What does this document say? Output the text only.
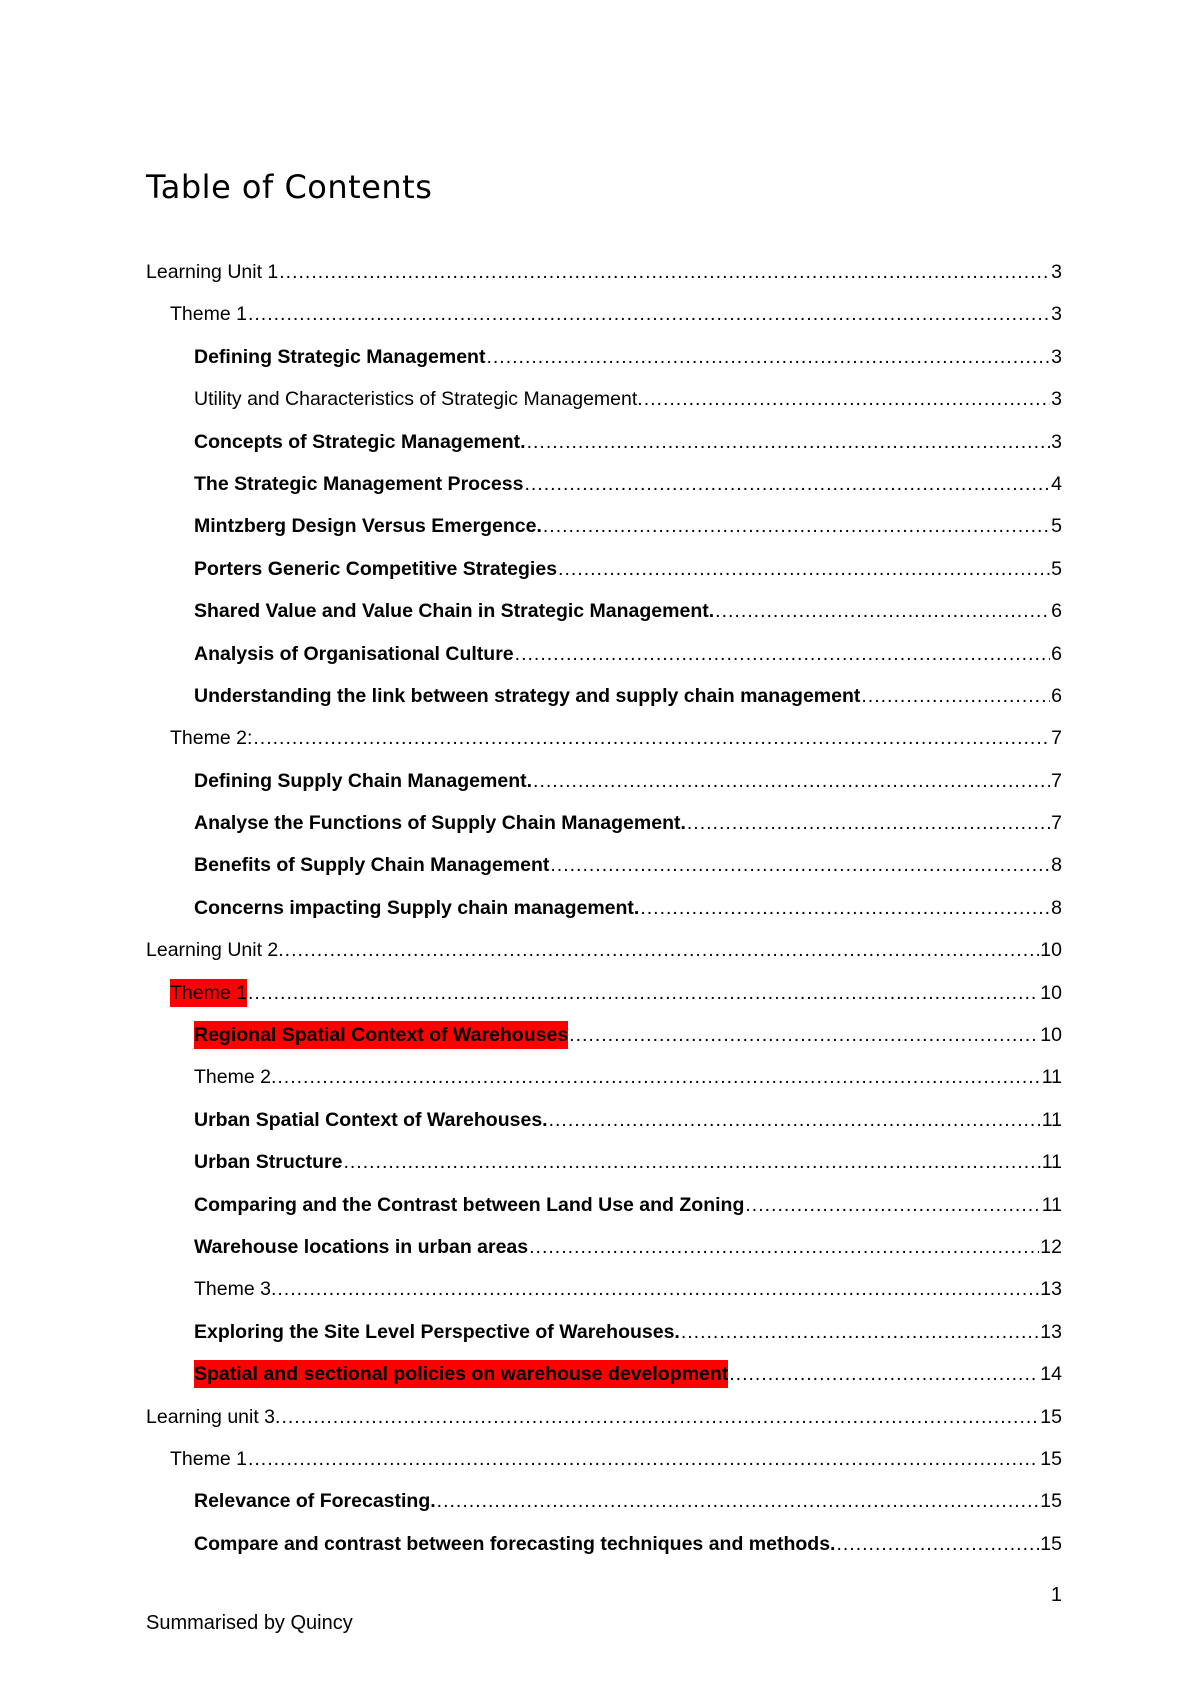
Table of Contents
Learning Unit 1 .....	3
Theme 1 .....	3
Defining Strategic Management .....	3
Utility and Characteristics of Strategic Management. .....	3
Concepts of Strategic Management. .....	3
The Strategic Management Process .....	4
Mintzberg Design Versus Emergence. .....	5
Porters Generic Competitive Strategies .....	5
Shared Value and Value Chain in Strategic Management. .....	6
Analysis of Organisational Culture .....	6
Understanding the link between strategy and supply chain management .....	6
Theme 2: .....	7
Defining Supply Chain Management. .....	7
Analyse the Functions of Supply Chain Management. .....	7
Benefits of Supply Chain Management .....	8
Concerns impacting Supply chain management. .....	8
Learning Unit 2. .....	10
Theme 1 .....	10
Regional Spatial Context of Warehouses .....	10
Theme 2. .....	11
Urban Spatial Context of Warehouses. .....	11
Urban Structure .....	11
Comparing and the Contrast between Land Use and Zoning .....	11
Warehouse locations in urban areas .....	12
Theme 3. .....	13
Exploring the Site Level Perspective of Warehouses. .....	13
Spatial and sectional policies on warehouse development .....	14
Learning unit 3. .....	15
Theme 1 .....	15
Relevance of Forecasting. .....	15
Compare and contrast between forecasting techniques and methods. .....	15
1
Summarised by Quincy
